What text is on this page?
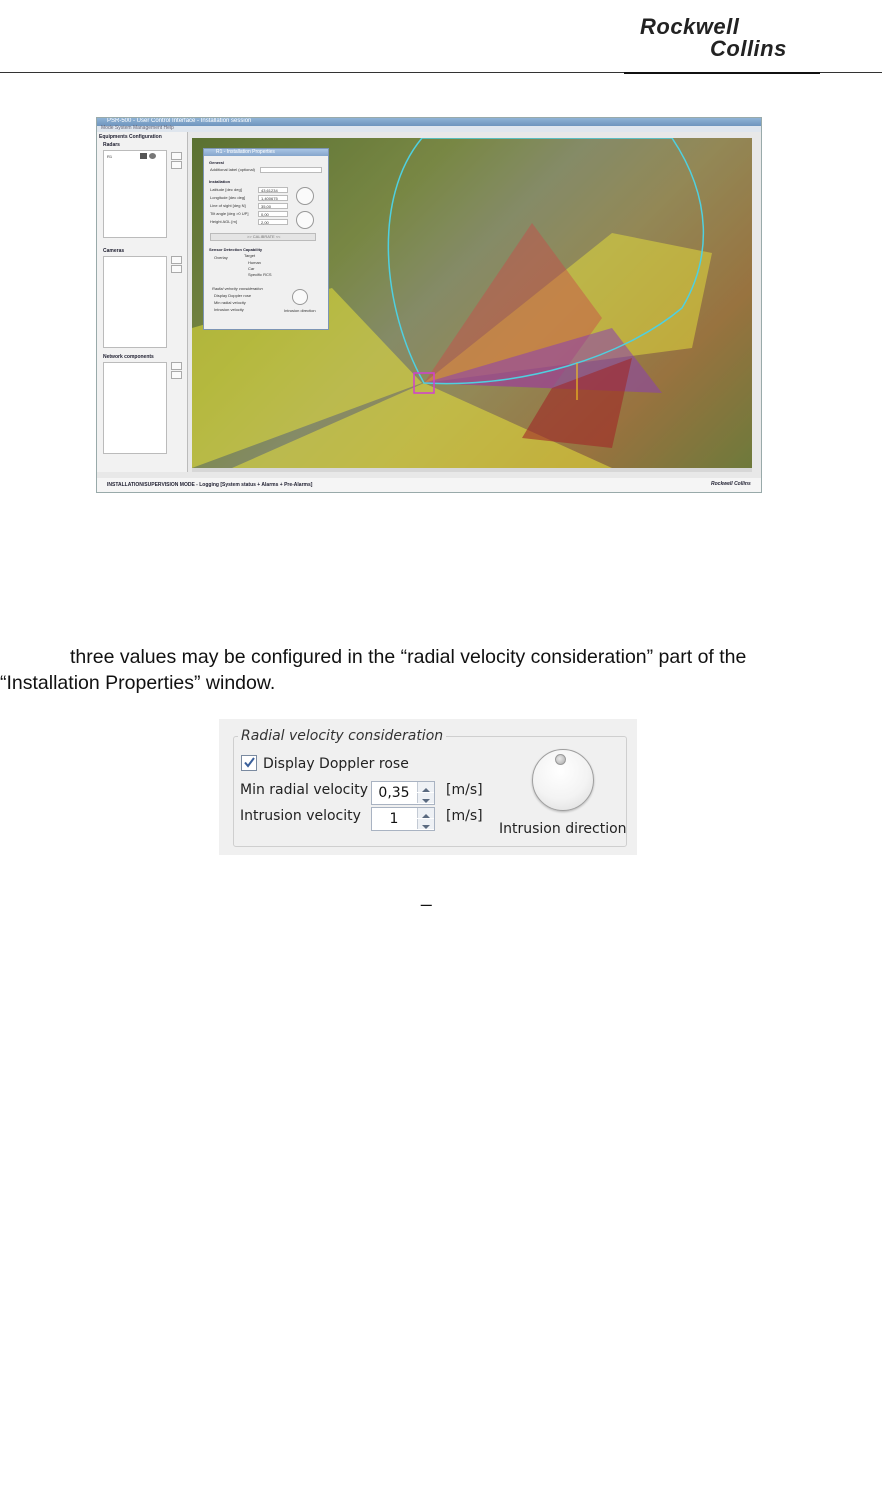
Rockwell
Collins
PSR-500 - User Control Interface - Installation session
Mode System Management Help
Equipments Configuration
Radars
R1
Cameras
Network components
R1 - Installation Properties
General
Additional label (optional)
Installation
Latitude [dec deg]	43,61234
Longitude [dec deg]	1,400675
Line of sight [deg N]	35,00
Tilt angle [deg >0 UP]	0,00
Height AGL [m]	2,00
>> CALIBRATE <<
Sensor Detection Capability
Overlay	Target
Human
Car
Specific RCS
Radial velocity consideration
Display Doppler rose
Min radial velocity
Intrusion velocity	Intrusion direction
INSTALLATION/SUPERVISION MODE - Logging [System status + Alarms + Pre-Alarms]	Rockwell Collins
three values may be configured in the “radial velocity consideration” part of the
“Installation Properties” window.
Radial velocity consideration
Display Doppler rose
Min radial velocity 0,35	[m/s]
Intrusion velocity	1	[m/s]
Intrusion direction
_
